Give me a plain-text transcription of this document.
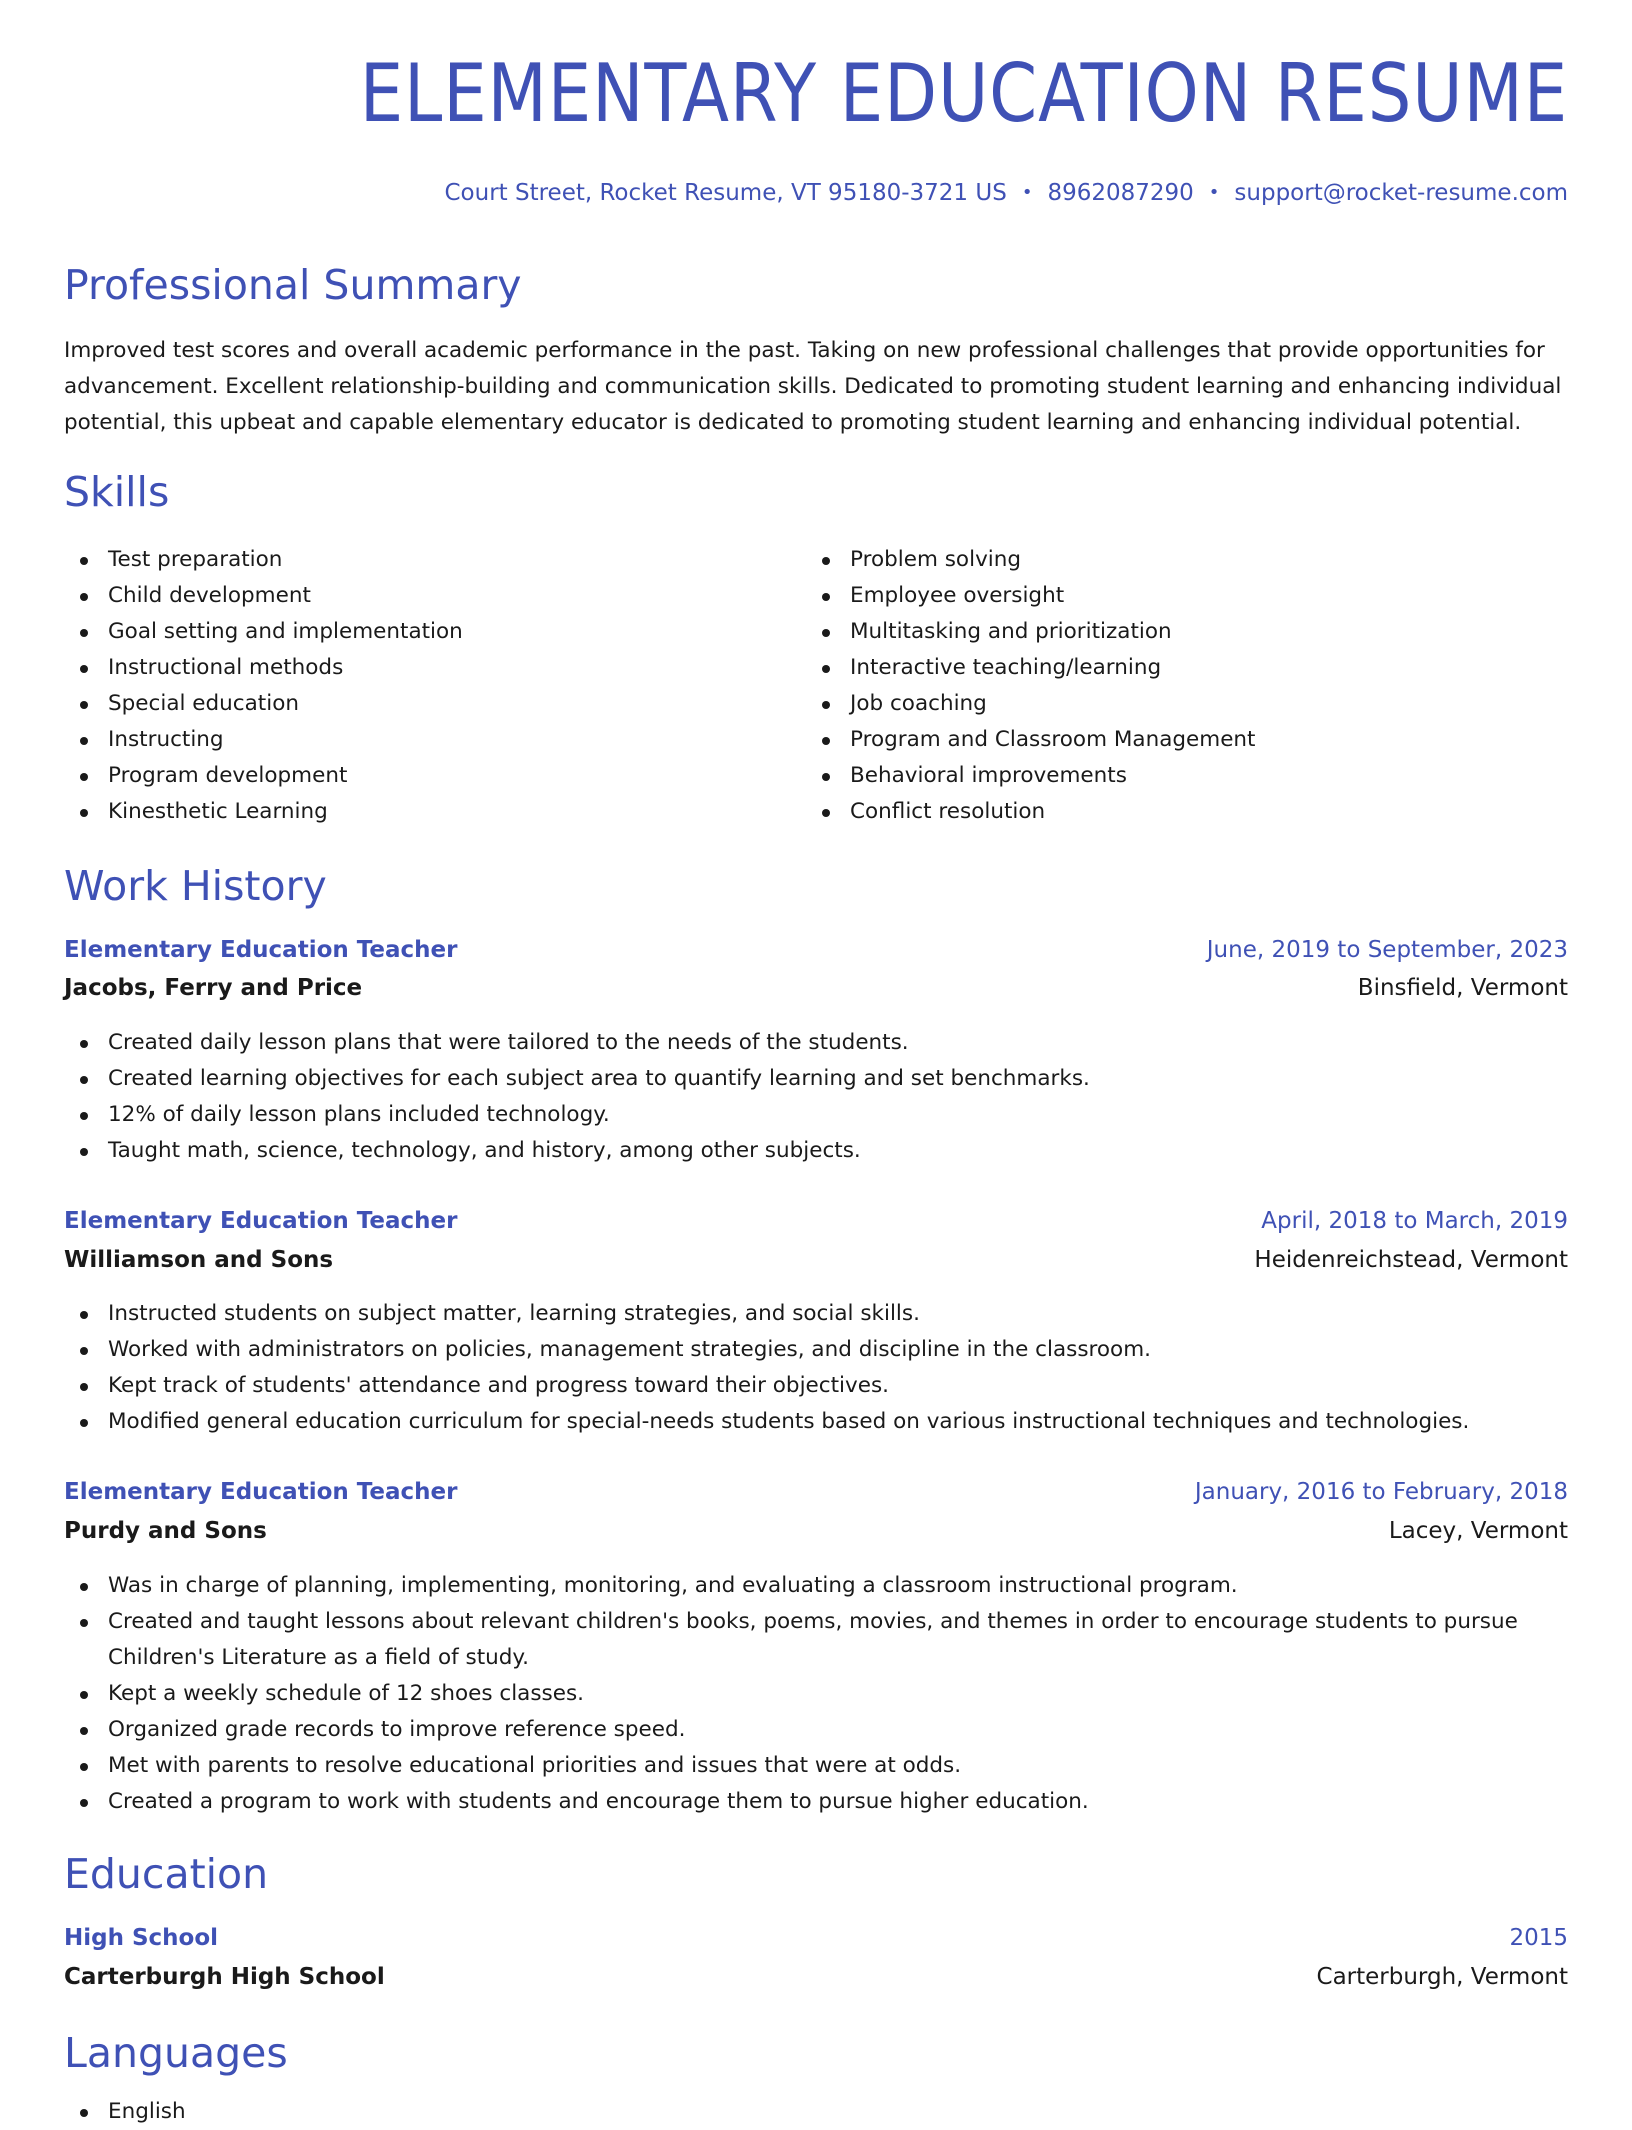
ELEMENTARY EDUCATION RESUME
Court Street, Rocket Resume, VT 95180-3721 US • 8962087290 • support@rocket-resume.com
Professional Summary
Improved test scores and overall academic performance in the past. Taking on new professional challenges that provide opportunities for advancement. Excellent relationship-building and communication skills. Dedicated to promoting student learning and enhancing individual potential, this upbeat and capable elementary educator is dedicated to promoting student learning and enhancing individual potential.
Skills
Test preparation
Child development
Goal setting and implementation
Instructional methods
Special education
Instructing
Program development
Kinesthetic Learning
Problem solving
Employee oversight
Multitasking and prioritization
Interactive teaching/learning
Job coaching
Program and Classroom Management
Behavioral improvements
Conflict resolution
Work History
Elementary Education Teacher	June, 2019 to September, 2023
Jacobs, Ferry and Price	Binsfield, Vermont
Created daily lesson plans that were tailored to the needs of the students.
Created learning objectives for each subject area to quantify learning and set benchmarks.
12% of daily lesson plans included technology.
Taught math, science, technology, and history, among other subjects.
Elementary Education Teacher	April, 2018 to March, 2019
Williamson and Sons	Heidenreichstead, Vermont
Instructed students on subject matter, learning strategies, and social skills.
Worked with administrators on policies, management strategies, and discipline in the classroom.
Kept track of students' attendance and progress toward their objectives.
Modified general education curriculum for special-needs students based on various instructional techniques and technologies.
Elementary Education Teacher	January, 2016 to February, 2018
Purdy and Sons	Lacey, Vermont
Was in charge of planning, implementing, monitoring, and evaluating a classroom instructional program.
Created and taught lessons about relevant children's books, poems, movies, and themes in order to encourage students to pursue Children's Literature as a field of study.
Kept a weekly schedule of 12 shoes classes.
Organized grade records to improve reference speed.
Met with parents to resolve educational priorities and issues that were at odds.
Created a program to work with students and encourage them to pursue higher education.
Education
High School	2015
Carterburgh High School	Carterburgh, Vermont
Languages
English
